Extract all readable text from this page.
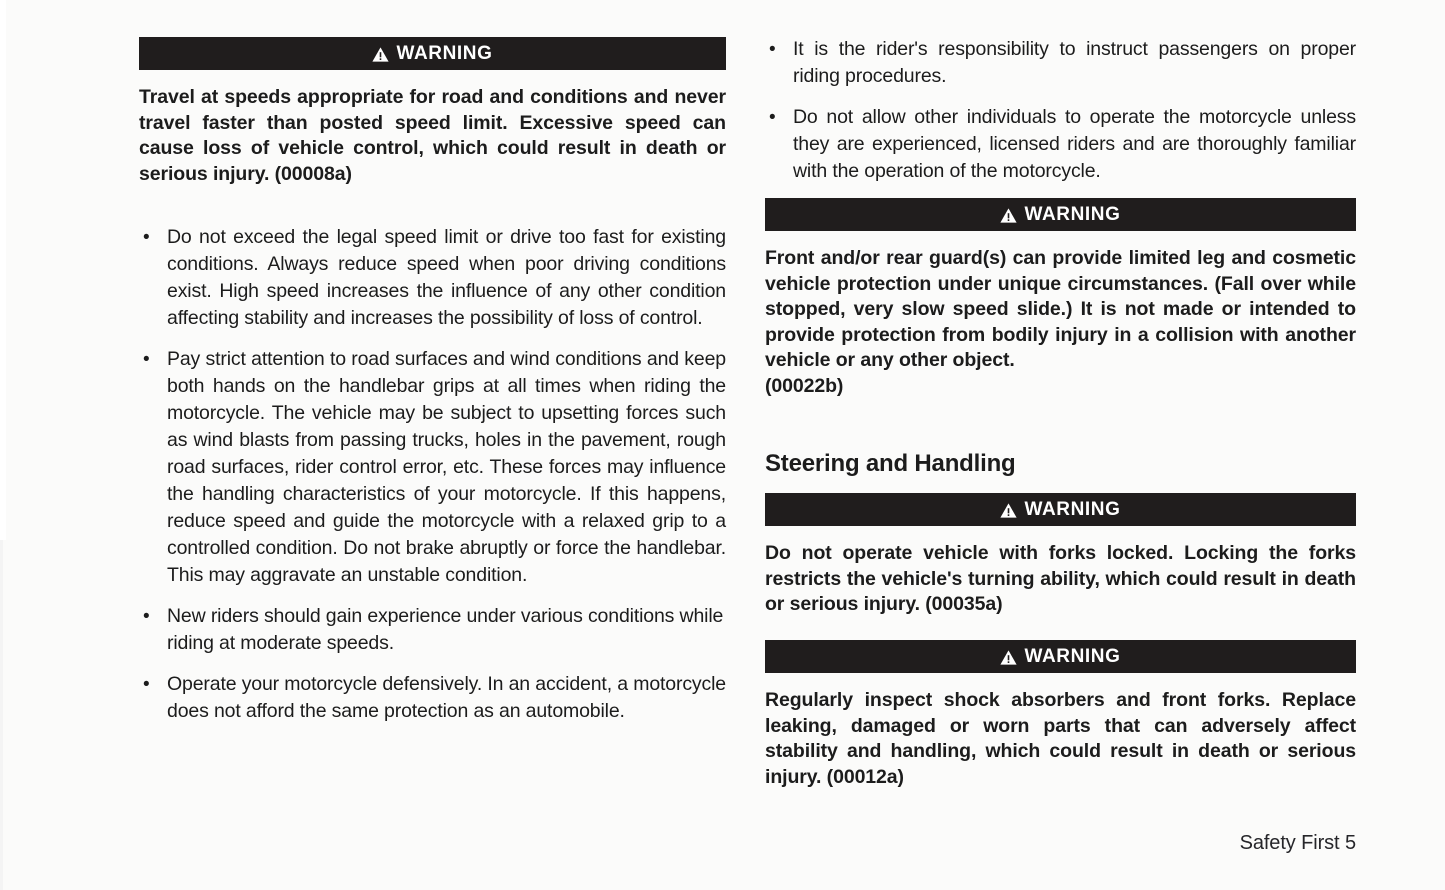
WARNING
Travel at speeds appropriate for road and conditions and never travel faster than posted speed limit. Excessive speed can cause loss of vehicle control, which could result in death or serious injury. (00008a)
• Do not exceed the legal speed limit or drive too fast for existing conditions. Always reduce speed when poor driving conditions exist. High speed increases the influence of any other condition affecting stability and increases the possibility of loss of control.
• Pay strict attention to road surfaces and wind conditions and keep both hands on the handlebar grips at all times when riding the motorcycle. The vehicle may be subject to upsetting forces such as wind blasts from passing trucks, holes in the pavement, rough road surfaces, rider control error, etc. These forces may influence the handling characteristics of your motorcycle. If this happens, reduce speed and guide the motorcycle with a relaxed grip to a controlled condition. Do not brake abruptly or force the handlebar. This may aggravate an unstable condition.
• New riders should gain experience under various conditions while riding at moderate speeds.
• Operate your motorcycle defensively. In an accident, a motorcycle does not afford the same protection as an automobile.
• It is the rider's responsibility to instruct passengers on proper riding procedures.
• Do not allow other individuals to operate the motorcycle unless they are experienced, licensed riders and are thoroughly familiar with the operation of the motorcycle.
WARNING
Front and/or rear guard(s) can provide limited leg and cosmetic vehicle protection under unique circumstances. (Fall over while stopped, very slow speed slide.) It is not made or intended to provide protection from bodily injury in a collision with another vehicle or any other object.
(00022b)
Steering and Handling
WARNING
Do not operate vehicle with forks locked. Locking the forks restricts the vehicle's turning ability, which could result in death or serious injury. (00035a)
WARNING
Regularly inspect shock absorbers and front forks. Replace leaking, damaged or worn parts that can adversely affect stability and handling, which could result in death or serious injury. (00012a)
Safety First 5
